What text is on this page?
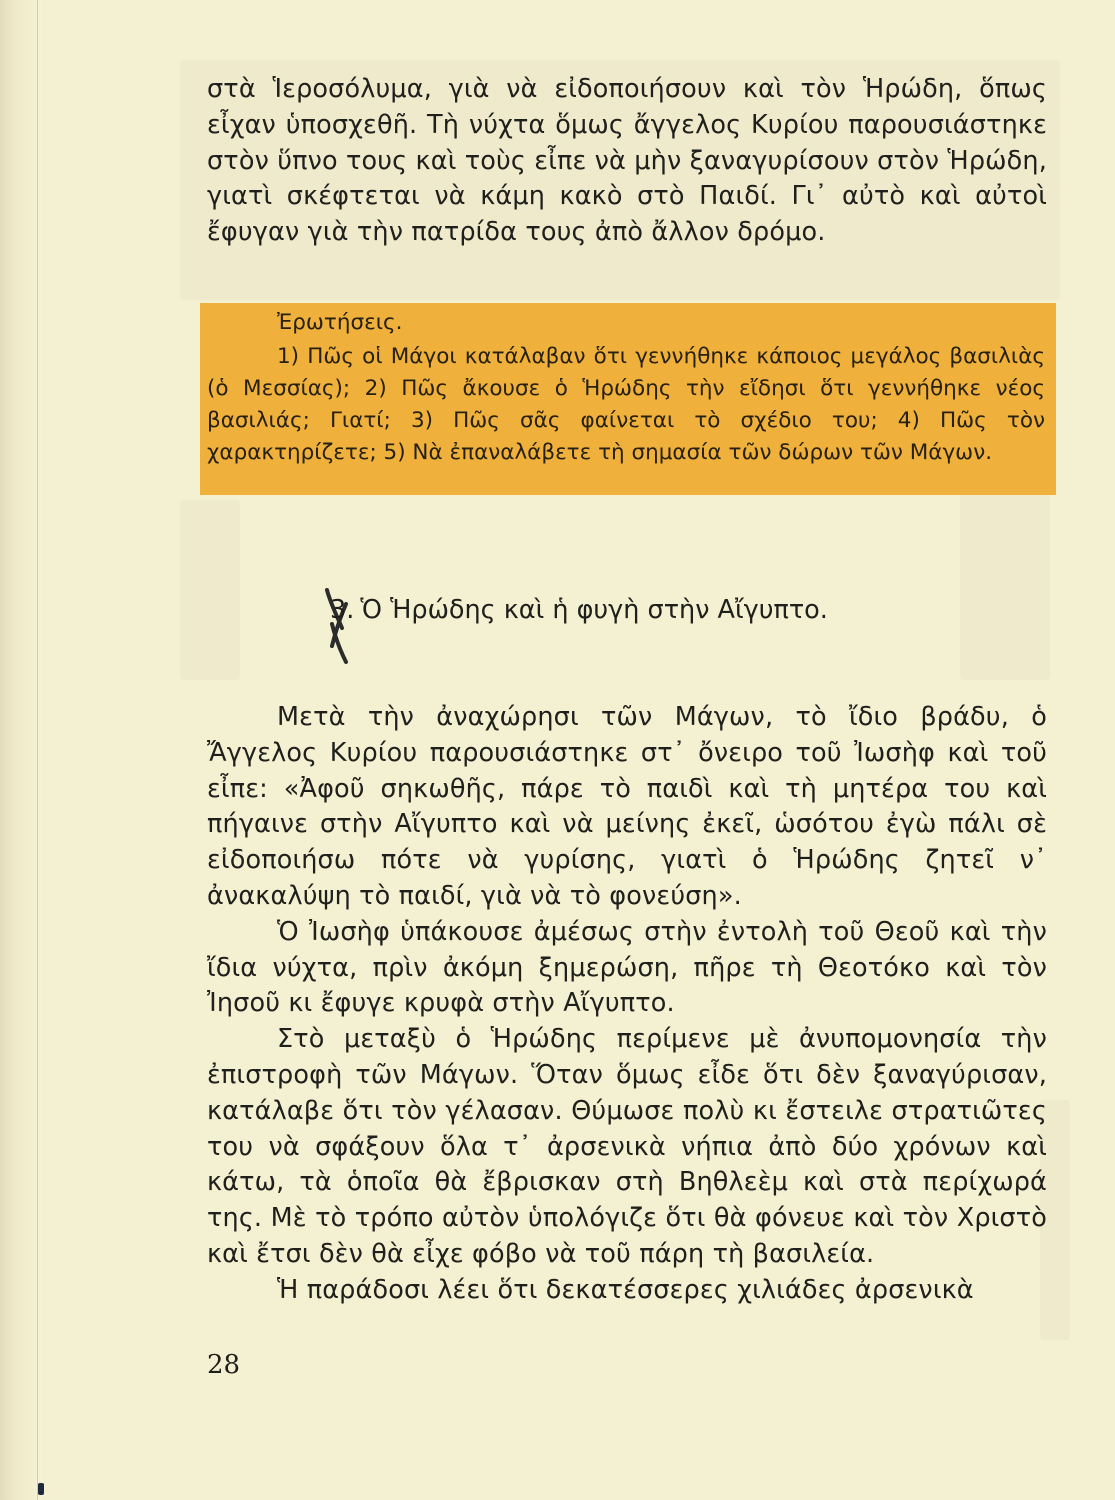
στὰ Ἱεροσόλυμα, γιὰ νὰ εἰδοποιήσουν καὶ τὸν Ἡρώδη, ὅπως εἶχαν ὑποσχεθῆ. Τὴ νύχτα ὅμως ἄγγελος Κυρίου παρουσιάστηκε στὸν ὕπνο τους καὶ τοὺς εἶπε νὰ μὴν ξαναγυρίσουν στὸν Ἡρώδη, γιατὶ σκέφτεται νὰ κάμη κακὸ στὸ Παιδί. Γι᾽ αὐτὸ καὶ αὐτοὶ ἔφυγαν γιὰ τὴν πατρίδα τους ἀπὸ ἄλλον δρόμο.

Ἐρωτήσεις.

1) Πῶς οἱ Μάγοι κατάλαβαν ὅτι γεννήθηκε κάποιος μεγάλος βασιλιὰς (ὁ Μεσσίας); 2) Πῶς ἄκουσε ὁ Ἡρώδης τὴν εἴδησι ὅτι γεννήθηκε νέος βασιλιάς; Γιατί; 3) Πῶς σᾶς φαίνεται τὸ σχέδιο του; 4) Πῶς τὸν χαρακτηρίζετε; 5) Νὰ ἐπαναλάβετε τὴ σημασία τῶν δώρων τῶν Μάγων.

3. Ὁ Ἡρώδης καὶ ἡ φυγὴ στὴν Αἴγυπτο.

Μετὰ τὴν ἀναχώρησι τῶν Μάγων, τὸ ἴδιο βράδυ, ὁ Ἄγγελος Κυρίου παρουσιάστηκε στ᾽ ὄνειρο τοῦ Ἰωσὴφ καὶ τοῦ εἶπε: «Ἀφοῦ σηκωθῆς, πάρε τὸ παιδὶ καὶ τὴ μητέρα του καὶ πήγαινε στὴν Αἴγυπτο καὶ νὰ μείνης ἐκεῖ, ὡσότου ἐγὼ πάλι σὲ εἰδοποιήσω πότε νὰ γυρίσης, γιατὶ ὁ Ἡρώδης ζητεῖ ν᾽ ἀνακαλύψη τὸ παιδί, γιὰ νὰ τὸ φονεύση».

Ὁ Ἰωσὴφ ὑπάκουσε ἀμέσως στὴν ἐντολὴ τοῦ Θεοῦ καὶ τὴν ἴδια νύχτα, πρὶν ἀκόμη ξημερώση, πῆρε τὴ Θεοτόκο καὶ τὸν Ἰησοῦ κι ἔφυγε κρυφὰ στὴν Αἴγυπτο.

Στὸ μεταξὺ ὁ Ἡρώδης περίμενε μὲ ἀνυπομονησία τὴν ἐπιστροφὴ τῶν Μάγων. Ὅταν ὅμως εἶδε ὅτι δὲν ξαναγύρισαν, κατάλαβε ὅτι τὸν γέλασαν. Θύμωσε πολὺ κι ἔστειλε στρατιῶτες του νὰ σφάξουν ὅλα τ᾽ ἀρσενικὰ νήπια ἀπὸ δύο χρόνων καὶ κάτω, τὰ ὁποῖα θὰ ἔβρισκαν στὴ Βηθλεὲμ καὶ στὰ περίχωρά της. Μὲ τὸ τρόπο αὐτὸν ὑπολόγιζε ὅτι θὰ φόνευε καὶ τὸν Χριστὸ καὶ ἔτσι δὲν θὰ εἶχε φόβο νὰ τοῦ πάρη τὴ βασιλεία.

Ἡ παράδοσι λέει ὅτι δεκατέσσερες χιλιάδες ἀρσενικὰ

28
